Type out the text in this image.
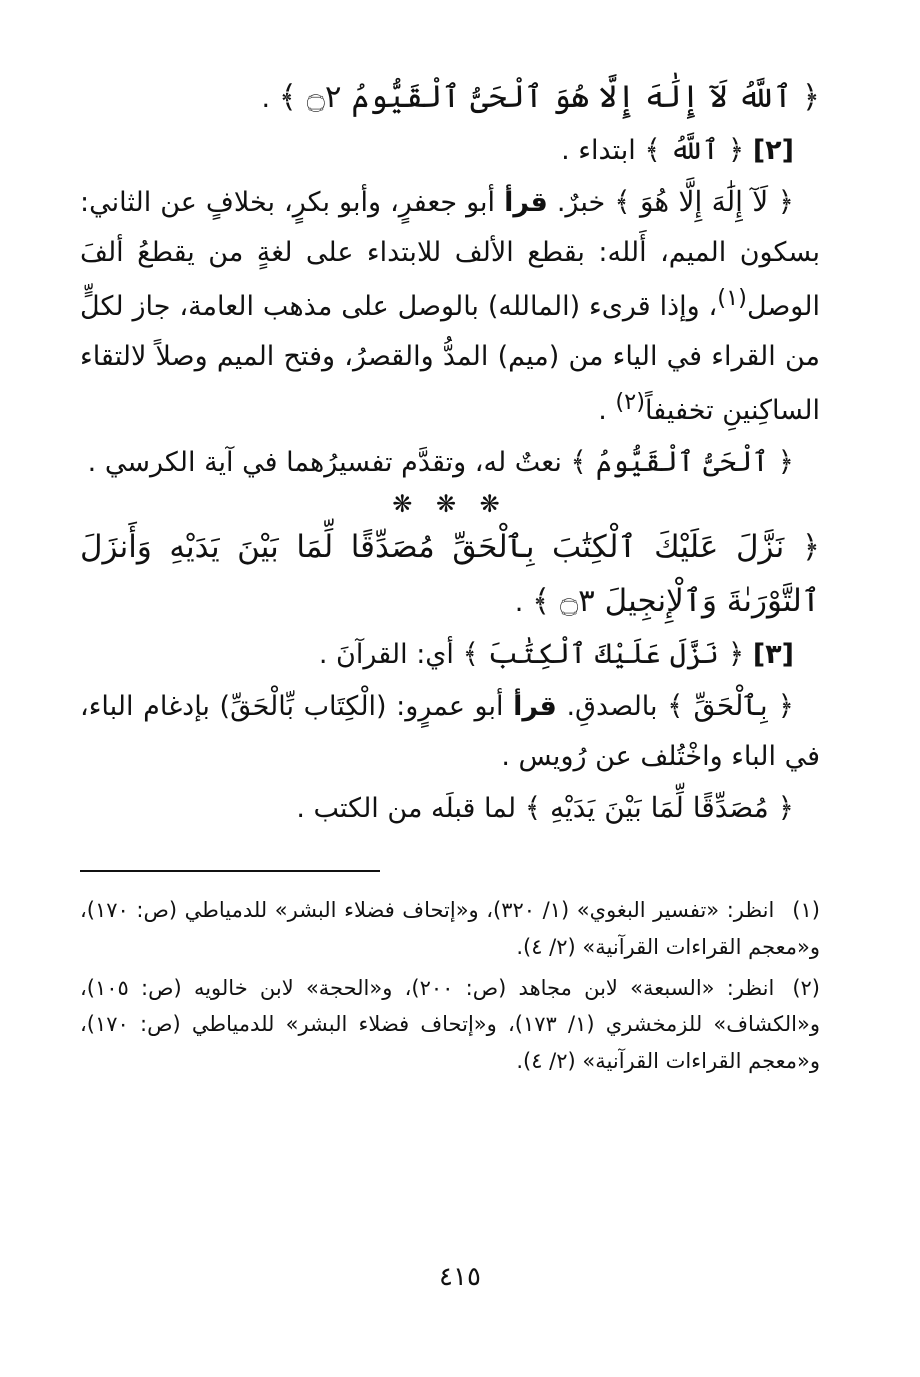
﴿ ٱللَّهُ لَآ إِلَٰهَ إِلَّا هُوَ ٱلْحَىُّ ٱلْقَيُّومُ ۝٢ ﴾ .

[٢] ﴿ ٱللَّهُ ﴾ ابتداء .

﴿ لَآ إِلَٰهَ إِلَّا هُوَ ﴾ خبرٌ. قرأ أبو جعفرٍ، وأبو بكرٍ، بخلافٍ عن الثاني: بسكون الميم، أَلله: بقطع الألف للابتداء على لغةٍ من يقطعُ ألفَ الوصل$^{(١)}$، وإذا قرىء (المالله) بالوصل على مذهب العامة، جاز لكلٍّ من القراء في الياء من (ميم) المدُّ والقصرُ، وفتح الميم وصلاً لالتقاء الساكِنينِ تخفيفاً$^{(٢)}$ .

﴿ ٱلْحَىُّ ٱلْقَيُّومُ ﴾ نعتٌ له، وتقدَّم تفسيرُهما في آية الكرسي .

❋ ❋ ❋

﴿ نَزَّلَ عَلَيْكَ ٱلْكِتَٰبَ بِٱلْحَقِّ مُصَدِّقًا لِّمَا بَيْنَ يَدَيْهِ وَأَنزَلَ ٱلتَّوْرَىٰةَ وَٱلْإِنجِيلَ ۝٣ ﴾ .

[٣] ﴿ نَزَّلَ عَلَيْكَ ٱلْكِتَٰبَ ﴾ أي: القرآنَ .

﴿ بِٱلْحَقِّ ﴾ بالصدقِ. قرأ أبو عمرٍو: (الْكِتَاب بِّالْحَقِّ) بإدغام الباء، في الباء واخْتُلف عن رُويس .

﴿ مُصَدِّقًا لِّمَا بَيْنَ يَدَيْهِ ﴾ لما قبلَه من الكتب .

(١)انظر: «تفسير البغوي» (١/ ٣٢٠)، و«إتحاف فضلاء البشر» للدمياطي (ص: ١٧٠)، و«معجم القراءات القرآنية» (٢/ ٤).

(٢)انظر: «السبعة» لابن مجاهد (ص: ٢٠٠)، و«الحجة» لابن خالويه (ص: ١٠٥)، و«الكشاف» للزمخشري (١/ ١٧٣)، و«إتحاف فضلاء البشر» للدمياطي (ص: ١٧٠)، و«معجم القراءات القرآنية» (٢/ ٤).

٤١٥
